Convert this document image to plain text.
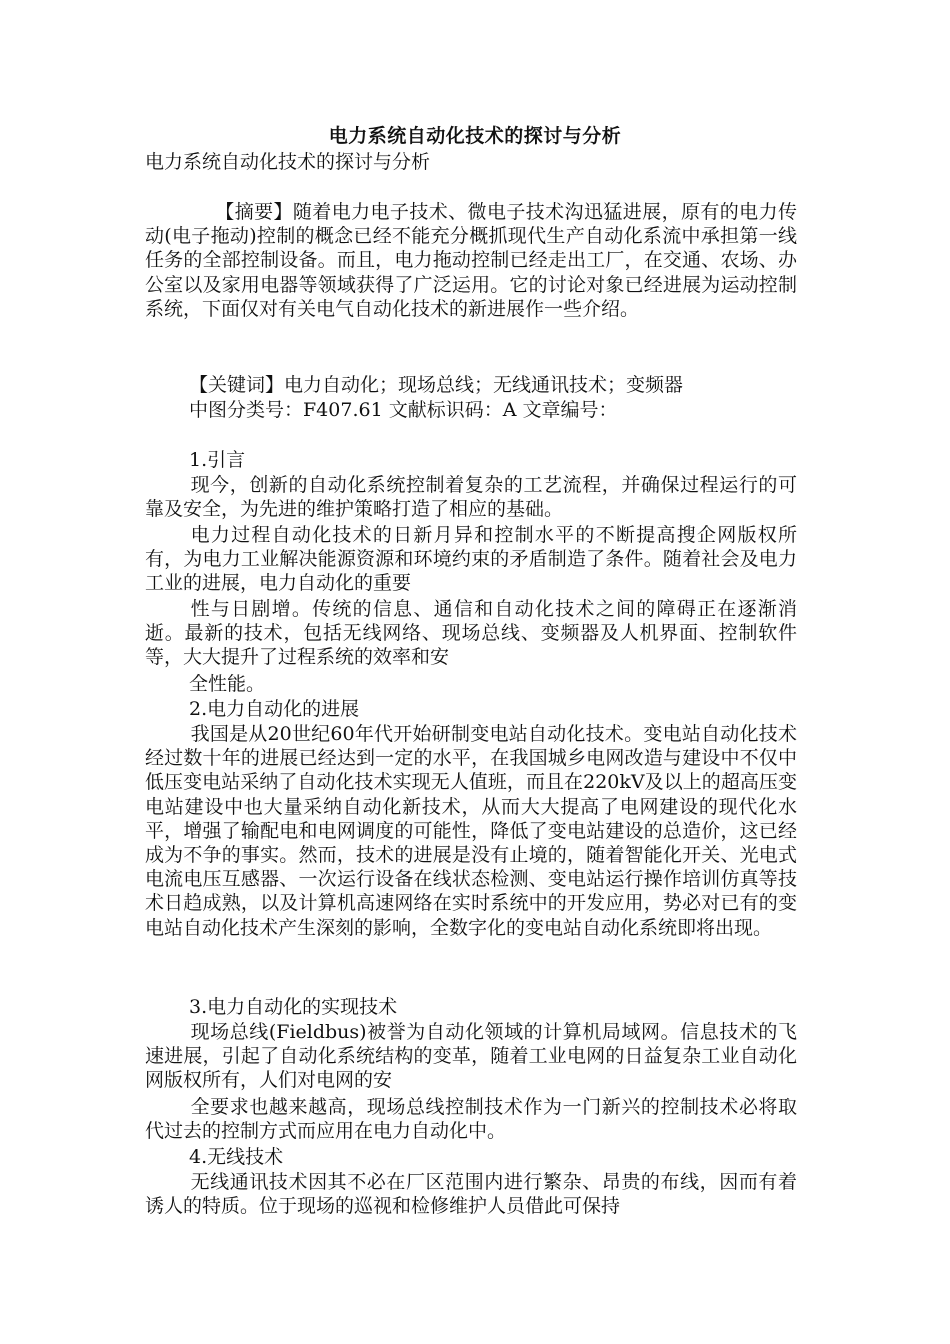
电力系统自动化技术的探讨与分析
电力系统自动化技术的探讨与分析

【摘要】随着电力电子技术、微电子技术沟迅猛进展，原有的电力传动(电子拖动)控制的概念已经不能充分概抓现代生产自动化系流中承担第一线任务的全部控制设备。而且，电力拖动控制已经走出工厂，在交通、农场、办公室以及家用电器等领域获得了广泛运用。它的讨论对象已经进展为运动控制系统，下面仅对有关电气自动化技术的新进展作一些介绍。

【关键词】电力自动化；现场总线；无线通讯技术；变频器

中图分类号：F407.61 文献标识码：A 文章编号：

1.引言

现今，创新的自动化系统控制着复杂的工艺流程，并确保过程运行的可靠及安全，为先进的维护策略打造了相应的基础。

电力过程自动化技术的日新月异和控制水平的不断提高搜企网版权所有，为电力工业解决能源资源和环境约束的矛盾制造了条件。随着社会及电力工业的进展，电力自动化的重要

性与日剧增。传统的信息、通信和自动化技术之间的障碍正在逐渐消逝。最新的技术，包括无线网络、现场总线、变频器及人机界面、控制软件等，大大提升了过程系统的效率和安

全性能。

2.电力自动化的进展

我国是从20世纪60年代开始研制变电站自动化技术。变电站自动化技术经过数十年的进展已经达到一定的水平，在我国城乡电网改造与建设中不仅中低压变电站采纳了自动化技术实现无人值班，而且在220kV及以上的超高压变电站建设中也大量采纳自动化新技术，从而大大提高了电网建设的现代化水平，增强了输配电和电网调度的可能性，降低了变电站建设的总造价，这已经成为不争的事实。然而，技术的进展是没有止境的，随着智能化开关、光电式电流电压互感器、一次运行设备在线状态检测、变电站运行操作培训仿真等技术日趋成熟，以及计算机高速网络在实时系统中的开发应用，势必对已有的变电站自动化技术产生深刻的影响，全数字化的变电站自动化系统即将出现。

3.电力自动化的实现技术

现场总线(Fieldbus)被誉为自动化领域的计算机局域网。信息技术的飞速进展，引起了自动化系统结构的变革，随着工业电网的日益复杂工业自动化网版权所有，人们对电网的安

全要求也越来越高，现场总线控制技术作为一门新兴的控制技术必将取代过去的控制方式而应用在电力自动化中。

4.无线技术

无线通讯技术因其不必在厂区范围内进行繁杂、昂贵的布线，因而有着诱人的特质。位于现场的巡视和检修维护人员借此可保持
